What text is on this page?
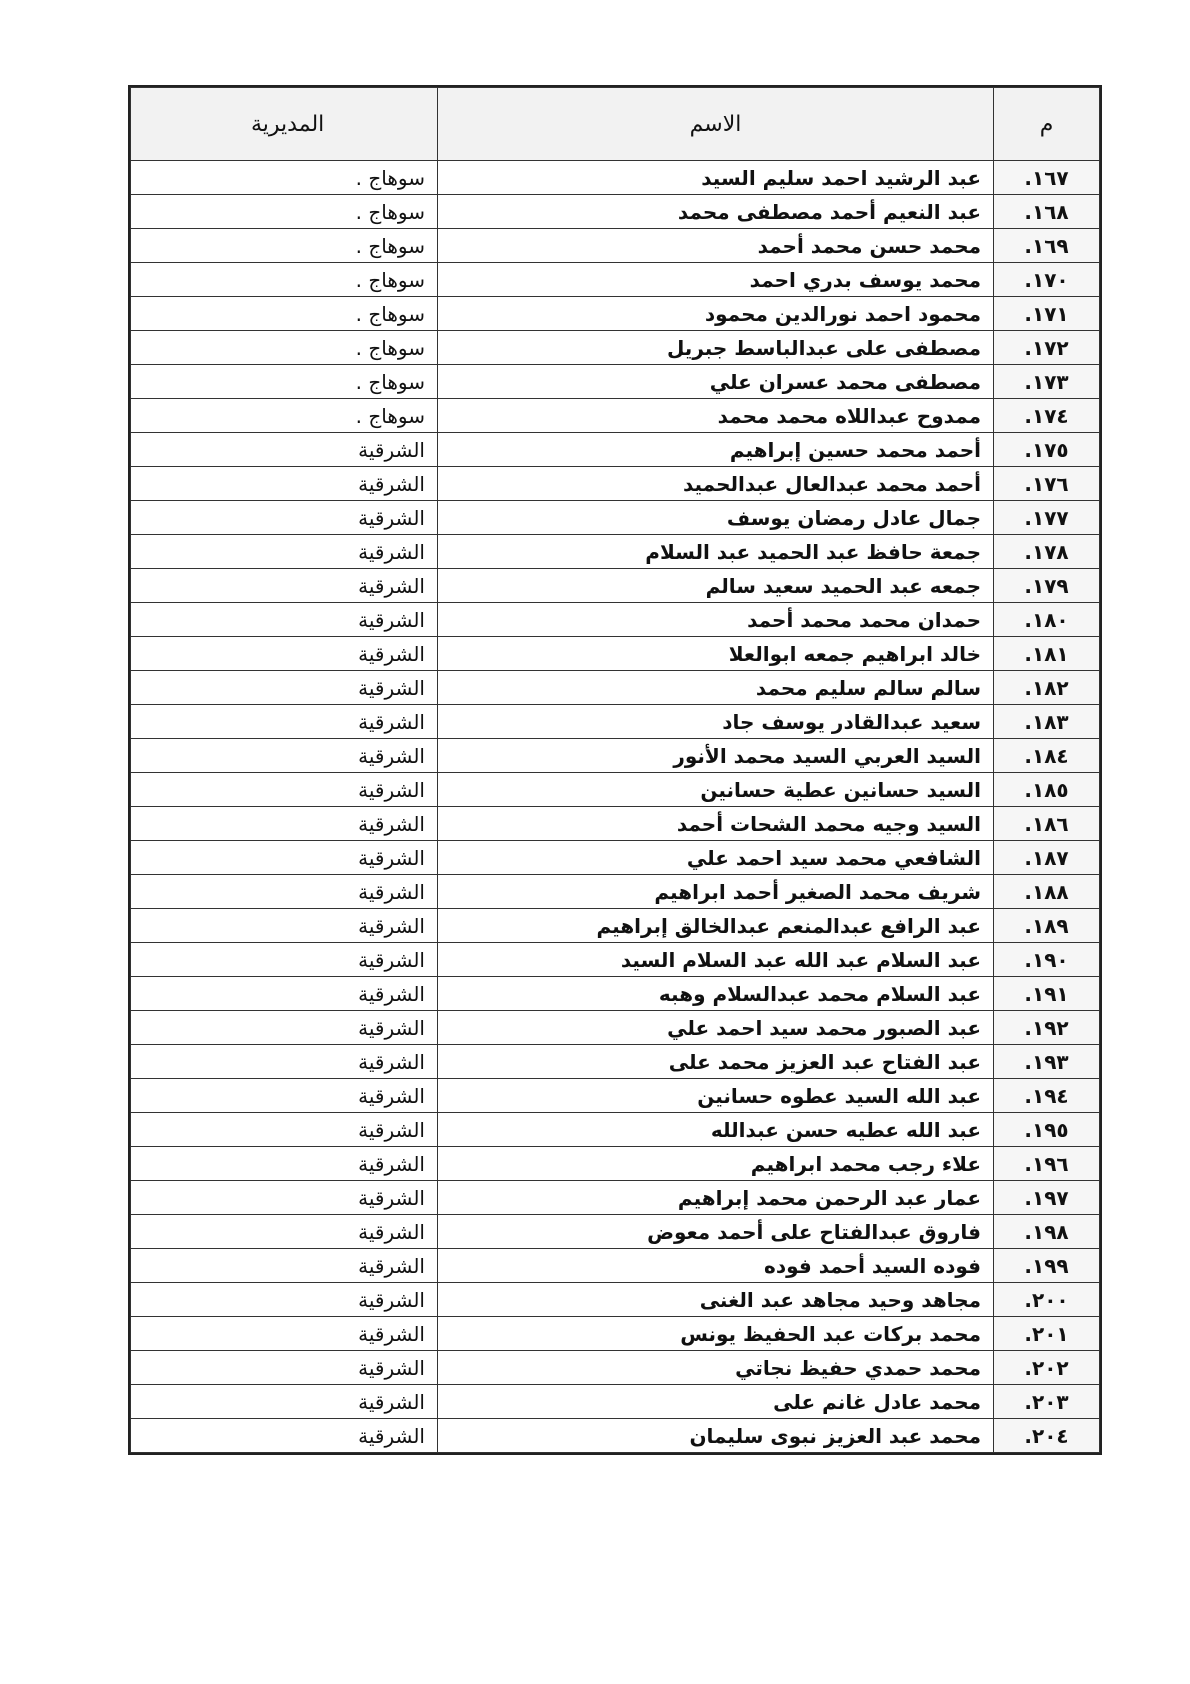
م	الاسم	المديرية
١٦٧.	عبد الرشيد احمد سليم السيد	سوهاج .
١٦٨.	عبد النعيم أحمد مصطفى محمد	سوهاج .
١٦٩.	محمد حسن محمد أحمد	سوهاج .
١٧٠.	محمد يوسف بدري احمد	سوهاج .
١٧١.	محمود احمد نورالدين محمود	سوهاج .
١٧٢.	مصطفى على عبدالباسط جبريل	سوهاج .
١٧٣.	مصطفى محمد عسران علي	سوهاج .
١٧٤.	ممدوح عبداللاه محمد محمد	سوهاج .
١٧٥.	أحمد محمد حسين إبراهيم	الشرقية
١٧٦.	أحمد محمد عبدالعال عبدالحميد	الشرقية
١٧٧.	جمال عادل رمضان يوسف	الشرقية
١٧٨.	جمعة حافظ عبد الحميد عبد السلام	الشرقية
١٧٩.	جمعه عبد الحميد سعيد سالم	الشرقية
١٨٠.	حمدان محمد محمد أحمد	الشرقية
١٨١.	خالد ابراهيم جمعه ابوالعلا	الشرقية
١٨٢.	سالم سالم سليم محمد	الشرقية
١٨٣.	سعيد عبدالقادر يوسف جاد	الشرقية
١٨٤.	السيد العربي السيد محمد الأنور	الشرقية
١٨٥.	السيد حسانين عطية حسانين	الشرقية
١٨٦.	السيد وجيه محمد الشحات أحمد	الشرقية
١٨٧.	الشافعي محمد سيد احمد علي	الشرقية
١٨٨.	شريف محمد الصغير أحمد ابراهيم	الشرقية
١٨٩.	عبد الرافع عبدالمنعم عبدالخالق إبراهيم	الشرقية
١٩٠.	عبد السلام عبد الله عبد السلام السيد	الشرقية
١٩١.	عبد السلام محمد عبدالسلام وهبه	الشرقية
١٩٢.	عبد الصبور محمد سيد احمد علي	الشرقية
١٩٣.	عبد الفتاح عبد العزيز محمد على	الشرقية
١٩٤.	عبد الله السيد عطوه حسانين	الشرقية
١٩٥.	عبد الله عطيه حسن عبدالله	الشرقية
١٩٦.	علاء رجب محمد ابراهيم	الشرقية
١٩٧.	عمار عبد الرحمن محمد إبراهيم	الشرقية
١٩٨.	فاروق عبدالفتاح على أحمد معوض	الشرقية
١٩٩.	فوده السيد أحمد فوده	الشرقية
٢٠٠.	مجاهد وحيد مجاهد عبد الغنى	الشرقية
٢٠١.	محمد بركات عبد الحفيظ يونس	الشرقية
٢٠٢.	محمد حمدي حفيظ نجاتي	الشرقية
٢٠٣.	محمد عادل غانم على	الشرقية
٢٠٤.	محمد عبد العزيز نبوى سليمان	الشرقية
